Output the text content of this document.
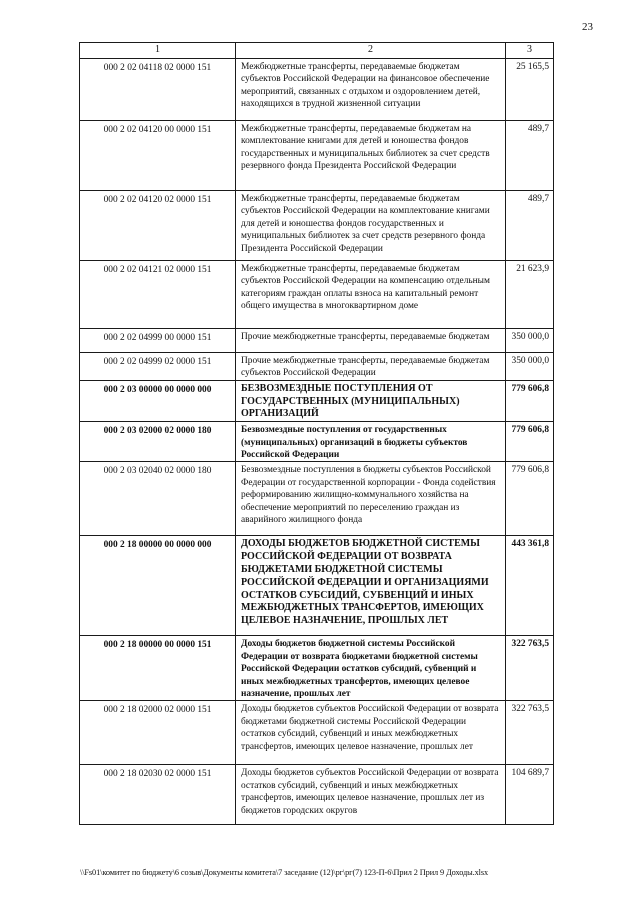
23
1	2	3
000 2 02 04118 02 0000 151	Межбюджетные трансферты, передаваемые бюджетам субъектов Российской Федерации на финансовое обеспечение мероприятий, связанных с отдыхом и оздоровлением детей, находящихся в трудной жизненной ситуации	25 165,5
000 2 02 04120 00 0000 151	Межбюджетные трансферты, передаваемые бюджетам на комплектование книгами для детей и юношества фондов государственных и муниципальных библиотек за счет средств резервного фонда Президента Российской Федерации	489,7
000 2 02 04120 02 0000 151	Межбюджетные трансферты, передаваемые бюджетам субъектов Российской Федерации на комплектование книгами для детей и юношества фондов государственных и муниципальных библиотек за счет средств резервного фонда Президента Российской Федерации	489,7
000 2 02 04121 02 0000 151	Межбюджетные трансферты, передаваемые бюджетам субъектов Российской Федерации на компенсацию отдельным категориям граждан оплаты взноса на капитальный ремонт общего имущества в многоквартирном доме	21 623,9
000 2 02 04999 00 0000 151	Прочие межбюджетные трансферты, передаваемые бюджетам	350 000,0
000 2 02 04999 02 0000 151	Прочие межбюджетные трансферты, передаваемые бюджетам субъектов Российской Федерации	350 000,0
000 2 03 00000 00 0000 000	БЕЗВОЗМЕЗДНЫЕ ПОСТУПЛЕНИЯ ОТ ГОСУДАРСТВЕННЫХ (МУНИЦИПАЛЬНЫХ) ОРГАНИЗАЦИЙ	779 606,8
000 2 03 02000 02 0000 180	Безвозмездные поступления от государственных (муниципальных) организаций в бюджеты субъектов Российской Федерации	779 606,8
000 2 03 02040 02 0000 180	Безвозмездные поступления в бюджеты субъектов Российской Федерации от государственной корпорации - Фонда содействия реформированию жилищно-коммунального хозяйства на обеспечение мероприятий по переселению граждан из аварийного жилищного фонда	779 606,8
000 2 18 00000 00 0000 000	ДОХОДЫ БЮДЖЕТОВ БЮДЖЕТНОЙ СИСТЕМЫ РОССИЙСКОЙ ФЕДЕРАЦИИ ОТ ВОЗВРАТА БЮДЖЕТАМИ БЮДЖЕТНОЙ СИСТЕМЫ РОССИЙСКОЙ ФЕДЕРАЦИИ И ОРГАНИЗАЦИЯМИ ОСТАТКОВ СУБСИДИЙ, СУБВЕНЦИЙ И ИНЫХ МЕЖБЮДЖЕТНЫХ ТРАНСФЕРТОВ, ИМЕЮЩИХ ЦЕЛЕВОЕ НАЗНАЧЕНИЕ, ПРОШЛЫХ ЛЕТ	443 361,8
000 2 18 00000 00 0000 151	Доходы бюджетов бюджетной системы Российской Федерации от возврата бюджетами бюджетной системы Российской Федерации остатков субсидий, субвенций и иных межбюджетных трансфертов, имеющих целевое назначение, прошлых лет	322 763,5
000 2 18 02000 02 0000 151	Доходы бюджетов субъектов Российской Федерации от возврата бюджетами бюджетной системы Российской Федерации остатков субсидий, субвенций и иных межбюджетных трансфертов, имеющих целевое назначение, прошлых лет	322 763,5
000 2 18 02030 02 0000 151	Доходы бюджетов субъектов Российской Федерации от возврата остатков субсидий, субвенций и иных межбюджетных трансфертов, имеющих целевое назначение, прошлых лет из бюджетов городских округов	104 689,7
\\Fs01\комитет по бюджету\6 созыв\Документы комитета\7 заседание (12)\рг\рг(7) 123-П-6\Прил 2 Прил 9 Доходы.xlsx
